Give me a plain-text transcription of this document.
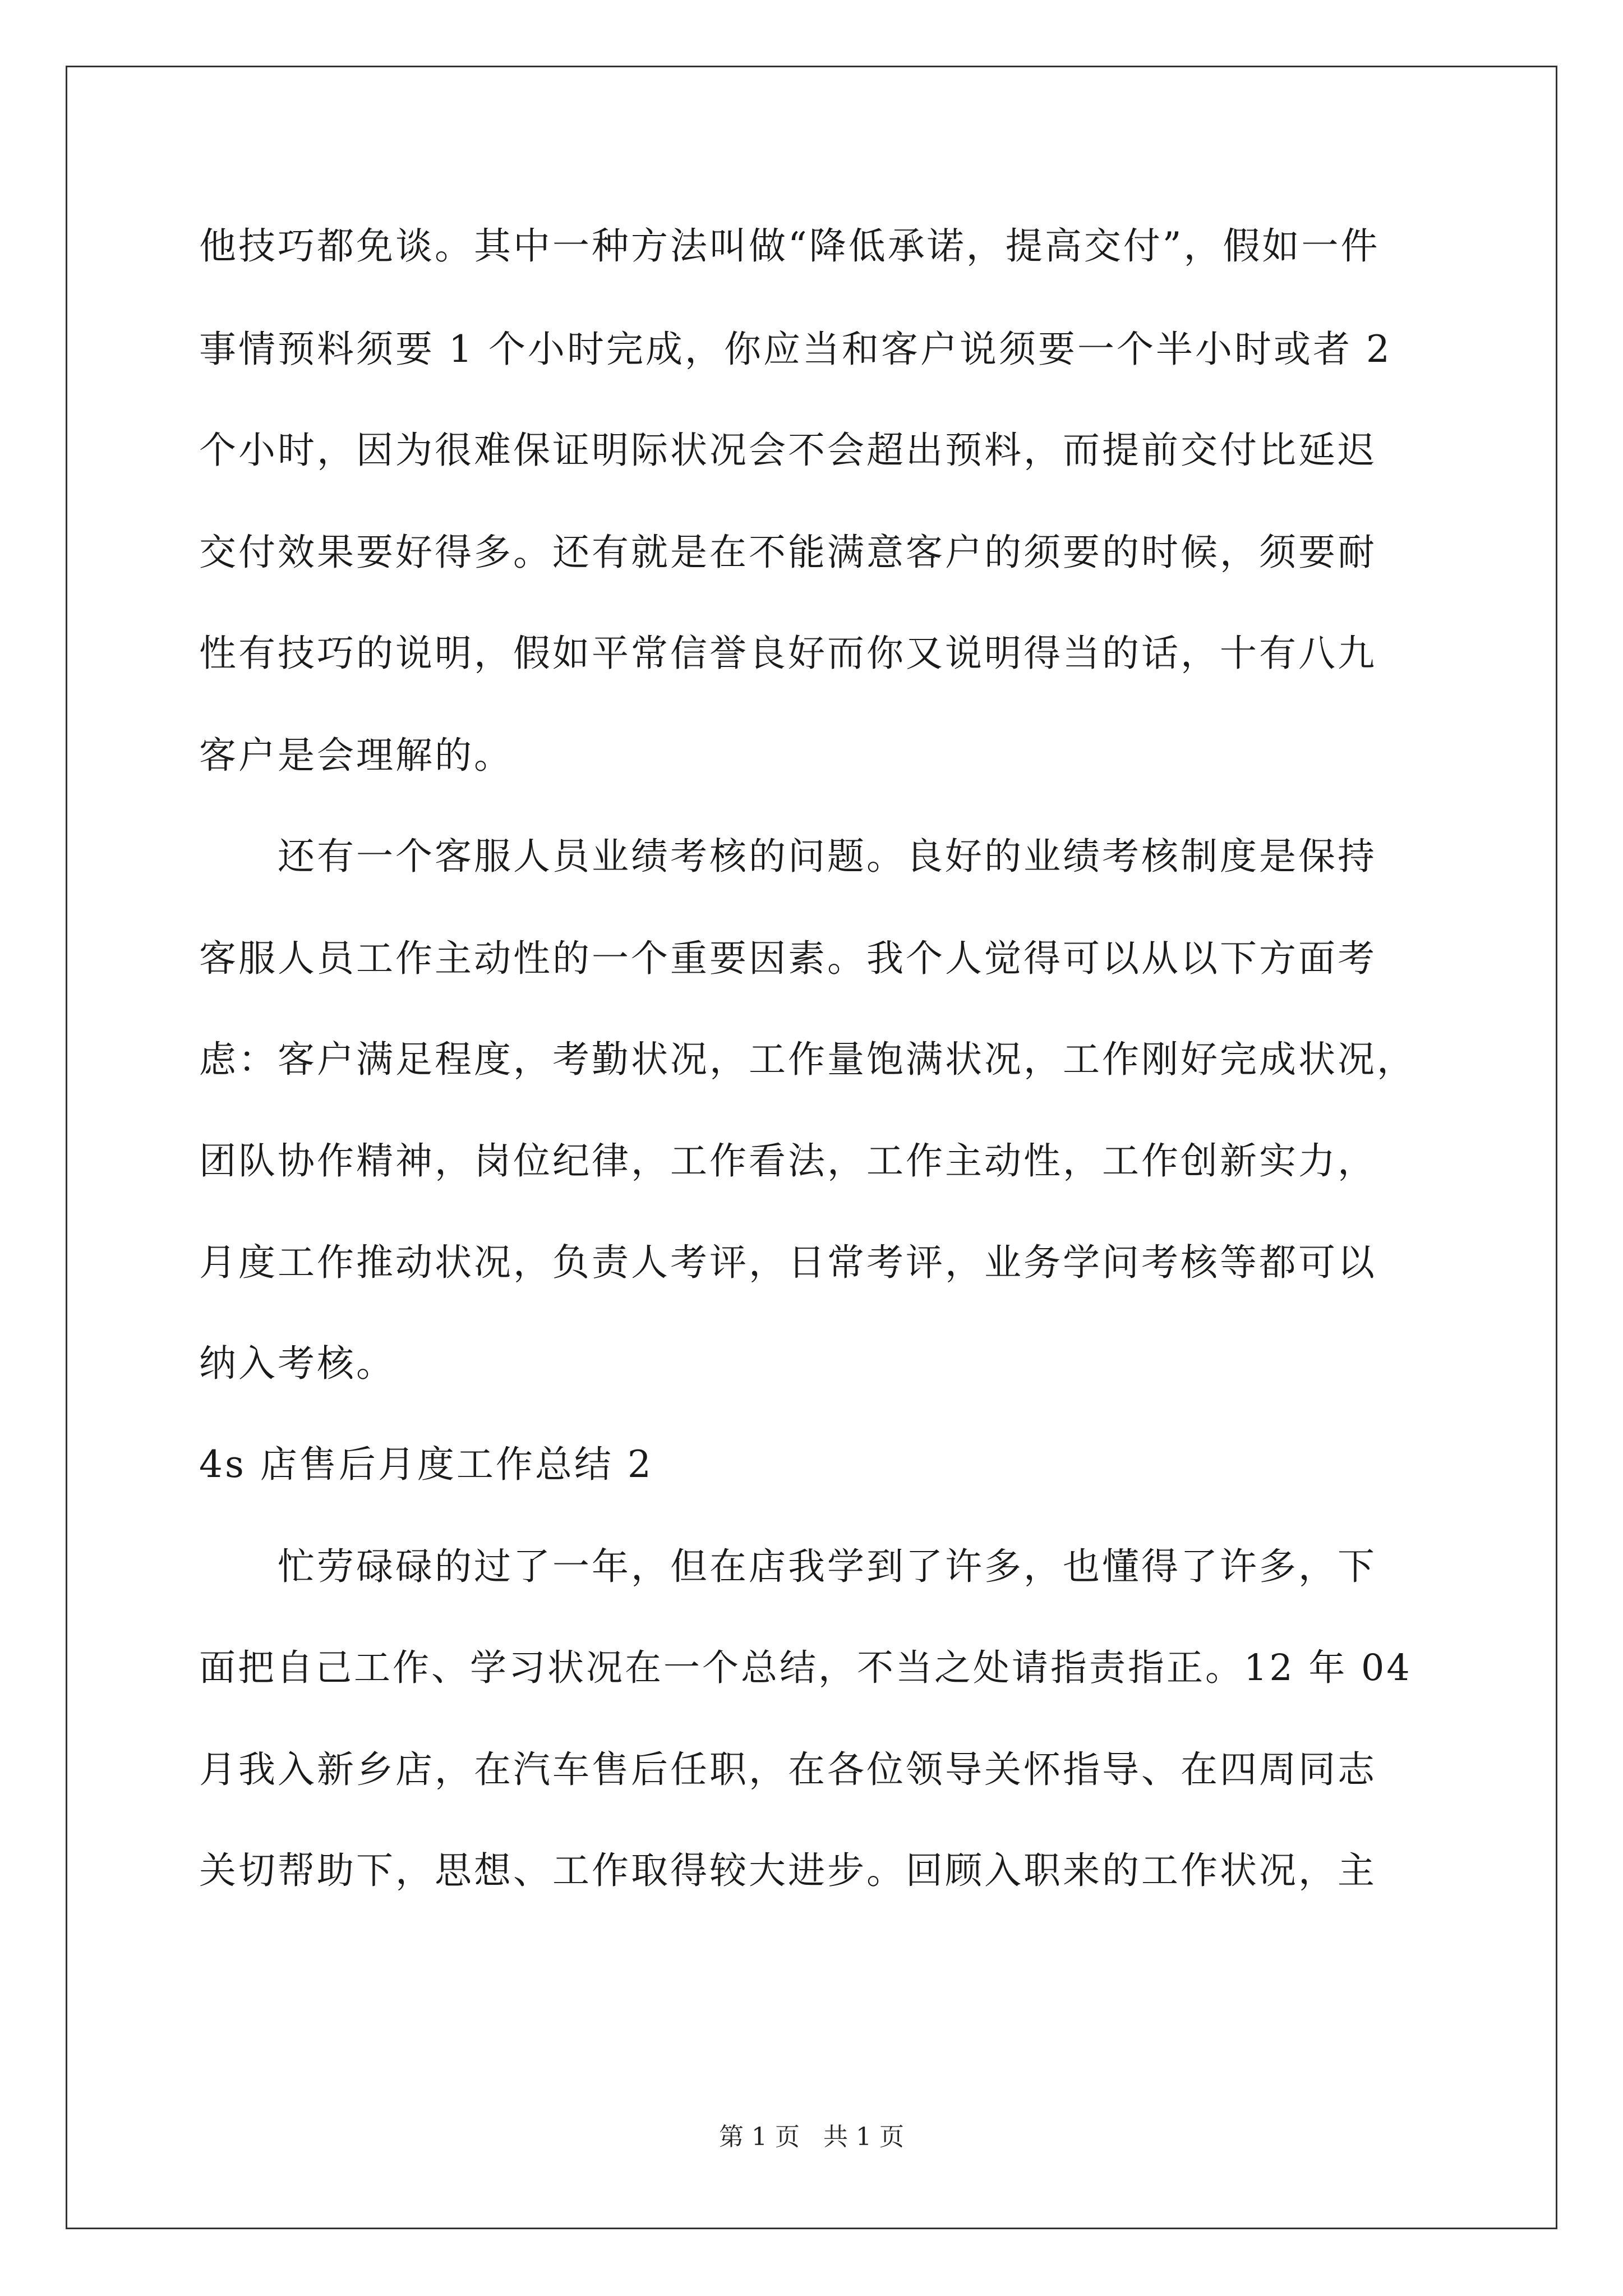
他技巧都免谈。其中一种方法叫做“降低承诺，提高交付”，假如一件
事情预料须要 1 个小时完成，你应当和客户说须要一个半小时或者 2
个小时，因为很难保证明际状况会不会超出预料，而提前交付比延迟
交付效果要好得多。还有就是在不能满意客户的须要的时候，须要耐
性有技巧的说明，假如平常信誉良好而你又说明得当的话，十有八九
客户是会理解的。
　　还有一个客服人员业绩考核的问题。良好的业绩考核制度是保持
客服人员工作主动性的一个重要因素。我个人觉得可以从以下方面考
虑：客户满足程度，考勤状况，工作量饱满状况，工作刚好完成状况，
团队协作精神，岗位纪律，工作看法，工作主动性，工作创新实力，
月度工作推动状况，负责人考评，日常考评，业务学问考核等都可以
纳入考核。
4s 店售后月度工作总结 2
　　忙劳碌碌的过了一年，但在店我学到了许多，也懂得了许多，下
面把自己工作、学习状况在一个总结，不当之处请指责指正。12 年 04
月我入新乡店，在汽车售后任职，在各位领导关怀指导、在四周同志
关切帮助下，思想、工作取得较大进步。回顾入职来的工作状况，主
第 1 页   共 1 页
